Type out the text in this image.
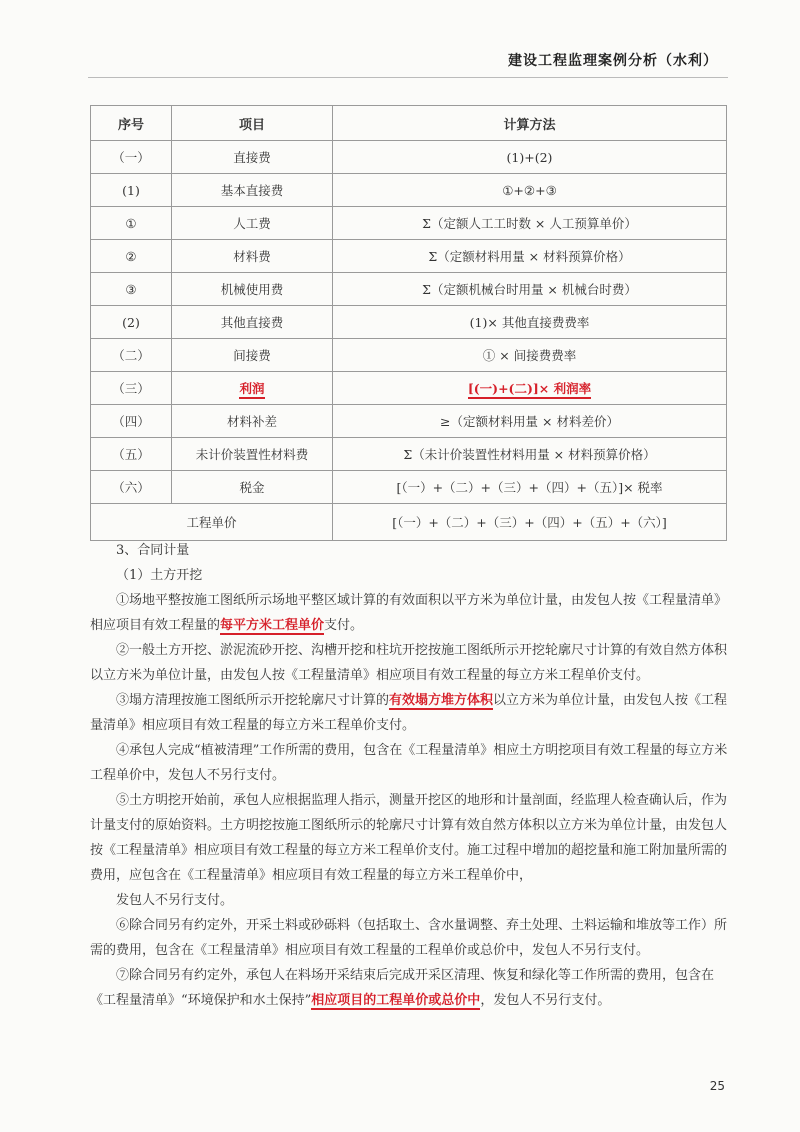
建设工程监理案例分析（水利）
序号	项目	计算方法
（一）	直接费	(1)+(2)
(1)	基本直接费	①+②+③
①	人工费	Σ（定额人工工时数 × 人工预算单价）
②	材料费	Σ（定额材料用量 × 材料预算价格）
③	机械使用费	Σ（定额机械台时用量 × 机械台时费）
(2)	其他直接费	(1)× 其他直接费费率
（二）	间接费	① × 间接费费率
（三）	利润	[(一)+(二)]× 利润率
（四）	材料补差	≥（定额材料用量 × 材料差价）
（五）	未计价装置性材料费	Σ（未计价装置性材料用量 × 材料预算价格）
（六）	税金	[（一）+（二）+（三）+（四）+（五）]× 税率
工程单价		[（一）+（二）+（三）+（四）+（五）+（六）]

3、合同计量

（1）土方开挖

①场地平整按施工图纸所示场地平整区域计算的有效面积以平方米为单位计量，由发包人按《工程量清单》相应项目有效工程量的每平方米工程单价支付。

②一般土方开挖、淤泥流砂开挖、沟槽开挖和柱坑开挖按施工图纸所示开挖轮廓尺寸计算的有效自然方体积以立方米为单位计量，由发包人按《工程量清单》相应项目有效工程量的每立方米工程单价支付。

③塌方清理按施工图纸所示开挖轮廓尺寸计算的有效塌方堆方体积以立方米为单位计量，由发包人按《工程量清单》相应项目有效工程量的每立方米工程单价支付。

④承包人完成“植被清理”工作所需的费用，包含在《工程量清单》相应土方明挖项目有效工程量的每立方米工程单价中，发包人不另行支付。

⑤土方明挖开始前，承包人应根据监理人指示，测量开挖区的地形和计量剖面，经监理人检查确认后，作为计量支付的原始资料。土方明挖按施工图纸所示的轮廓尺寸计算有效自然方体积以立方米为单位计量，由发包人按《工程量清单》相应项目有效工程量的每立方米工程单价支付。施工过程中增加的超挖量和施工附加量所需的费用，应包含在《工程量清单》相应项目有效工程量的每立方米工程单价中，

发包人不另行支付。

⑥除合同另有约定外，开采土料或砂砾料（包括取土、含水量调整、弃土处理、土料运输和堆放等工作）所需的费用，包含在《工程量清单》相应项目有效工程量的工程单价或总价中，发包人不另行支付。

⑦除合同另有约定外，承包人在料场开采结束后完成开采区清理、恢复和绿化等工作所需的费用，包含在《工程量清单》“环境保护和水土保持”相应项目的工程单价或总价中，发包人不另行支付。

25
